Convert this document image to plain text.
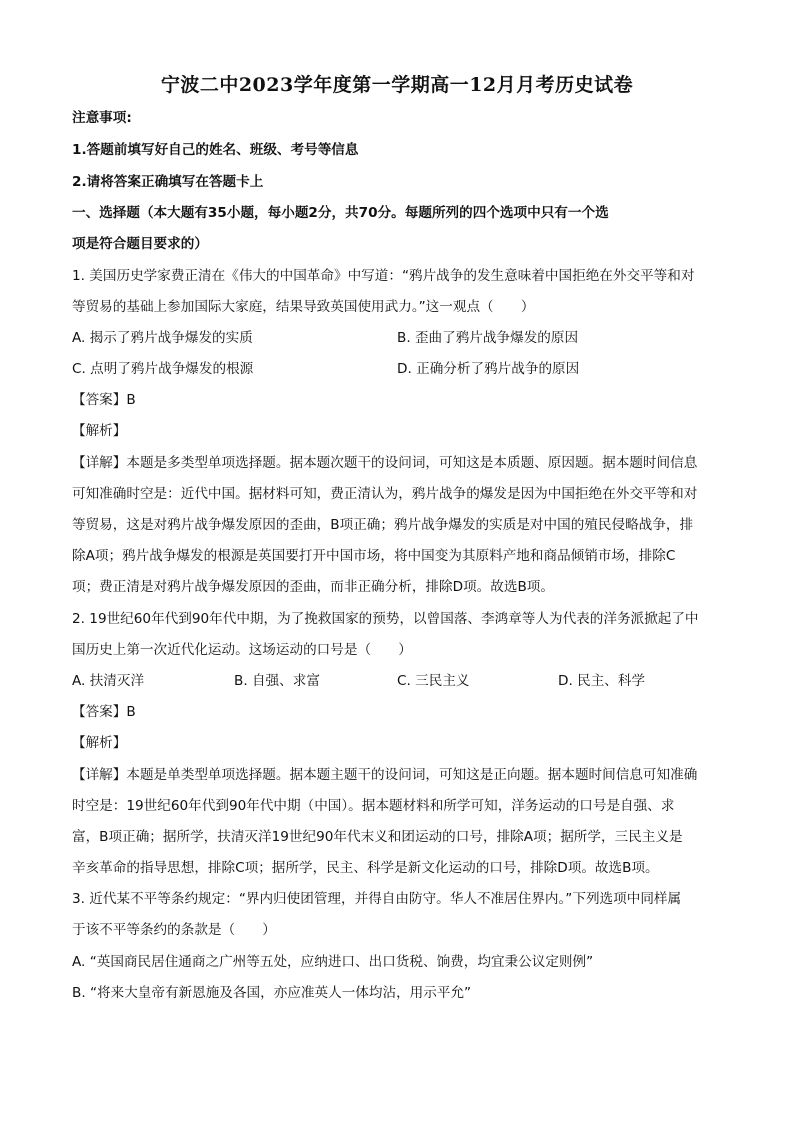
宁波二中2023学年度第一学期高一12月月考历史试卷
注意事项:
1.答题前填写好自己的姓名、班级、考号等信息
2.请将答案正确填写在答题卡上
一、选择题（本大题有35小题，每小题2分，共70分。每题所列的四个选项中只有一个选
项是符合题目要求的）
1. 美国历史学家费正清在《伟大的中国革命》中写道：“鸦片战争的发生意味着中国拒绝在外交平等和对
等贸易的基础上参加国际大家庭，结果导致英国使用武力。”这一观点（　　）
A. 揭示了鸦片战争爆发的实质	B. 歪曲了鸦片战争爆发的原因
C. 点明了鸦片战争爆发的根源	D. 正确分析了鸦片战争的原因
【答案】B
【解析】
【详解】本题是多类型单项选择题。据本题次题干的设问词，可知这是本质题、原因题。据本题时间信息
可知准确时空是：近代中国。据材料可知，费正清认为，鸦片战争的爆发是因为中国拒绝在外交平等和对
等贸易，这是对鸦片战争爆发原因的歪曲，B项正确；鸦片战争爆发的实质是对中国的殖民侵略战争，排
除A项；鸦片战争爆发的根源是英国要打开中国市场，将中国变为其原料产地和商品倾销市场，排除C
项；费正清是对鸦片战争爆发原因的歪曲，而非正确分析，排除D项。故选B项。
2. 19世纪60年代到90年代中期，为了挽救国家的预势，以曾国落、李鸿章等人为代表的洋务派掀起了中
国历史上第一次近代化运动。这场运动的口号是（　　）
A. 扶清灭洋	B. 自强、求富	C. 三民主义	D. 民主、科学
【答案】B
【解析】
【详解】本题是单类型单项选择题。据本题主题干的设问词，可知这是正向题。据本题时间信息可知准确
时空是：19世纪60年代到90年代中期（中国）。据本题材料和所学可知，洋务运动的口号是自强、求
富，B项正确；据所学，扶清灭洋19世纪90年代末义和团运动的口号，排除A项；据所学，三民主义是
辛亥革命的指导思想，排除C项；据所学，民主、科学是新文化运动的口号，排除D项。故选B项。
3. 近代某不平等条约规定：“界内归使团管理，并得自由防守。华人不准居住界内。”下列选项中同样属
于该不平等条约的条款是（　　）
A. “英国商民居住通商之广州等五处，应纳进口、出口货税、饷费，均宜秉公议定则例”
B. “将来大皇帝有新恩施及各国，亦应准英人一体均沾，用示平允”
